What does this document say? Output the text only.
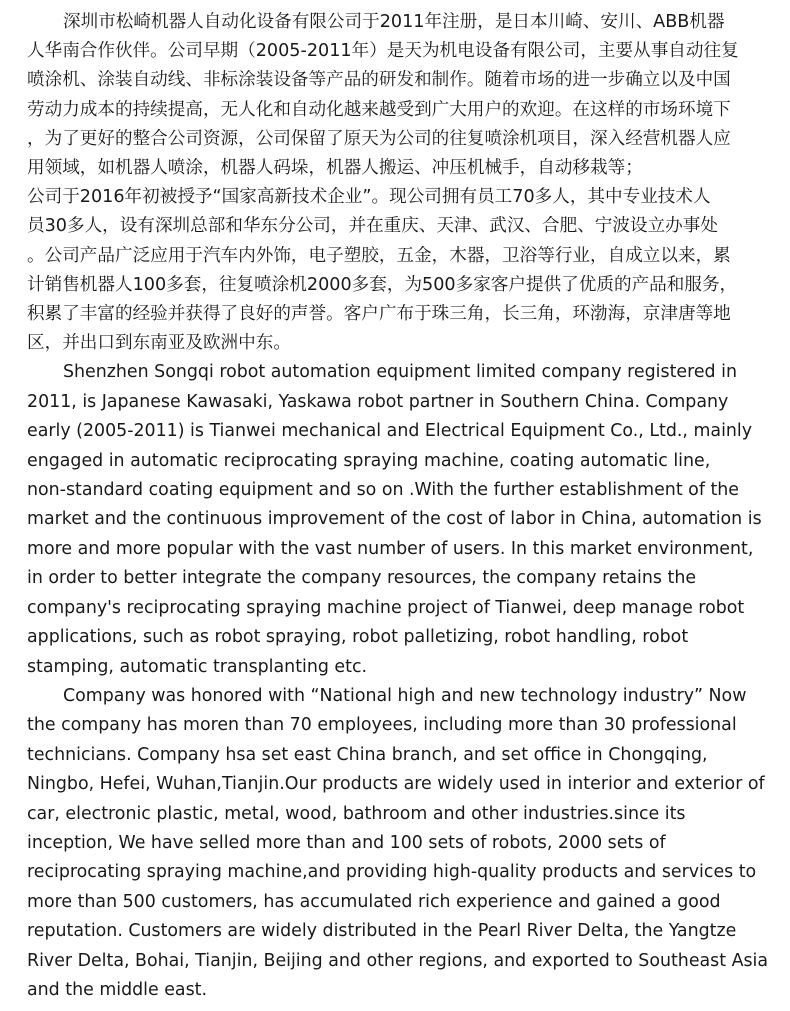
深圳市松崎机器人自动化设备有限公司于2011年注册，是日本川崎、安川、ABB机器
人华南合作伙伴。公司早期（2005-2011年）是天为机电设备有限公司，主要从事自动往复
喷涂机、涂装自动线、非标涂装设备等产品的研发和制作。随着市场的进一步确立以及中国
劳动力成本的持续提高，无人化和自动化越来越受到广大用户的欢迎。在这样的市场环境下
，为了更好的整合公司资源，公司保留了原天为公司的往复喷涂机项目，深入经营机器人应
用领域，如机器人喷涂，机器人码垛，机器人搬运、冲压机械手，自动移栽等；
公司于2016年初被授予“国家高新技术企业”。现公司拥有员工70多人，其中专业技术人
员30多人，设有深圳总部和华东分公司，并在重庆、天津、武汉、合肥、宁波设立办事处
。公司产品广泛应用于汽车内外饰，电子塑胶，五金，木器，卫浴等行业，自成立以来，累
计销售机器人100多套，往复喷涂机2000多套，为500多家客户提供了优质的产品和服务，
积累了丰富的经验并获得了良好的声誉。客户广布于珠三角，长三角，环渤海，京津唐等地
区，并出口到东南亚及欧洲中东。
Shenzhen Songqi robot automation equipment limited company registered in
2011, is Japanese Kawasaki, Yaskawa robot partner in Southern China. Company
early (2005-2011) is Tianwei mechanical and Electrical Equipment Co., Ltd., mainly
engaged in automatic reciprocating spraying machine, coating automatic line,
non-standard coating equipment and so on .With the further establishment of the
market and the continuous improvement of the cost of labor in China, automation is
more and more popular with the vast number of users. In this market environment,
in order to better integrate the company resources, the company retains the
company's reciprocating spraying machine project of Tianwei, deep manage robot
applications, such as robot spraying, robot palletizing, robot handling, robot
stamping, automatic transplanting etc.
Company was honored with “National high and new technology industry” Now
the company has moren than 70 employees, including more than 30 professional
technicians. Company hsa set east China branch, and set office in Chongqing,
Ningbo, Hefei, Wuhan,Tianjin.Our products are widely used in interior and exterior of
car, electronic plastic, metal, wood, bathroom and other industries.since its
inception, We have selled more than and 100 sets of robots, 2000 sets of
reciprocating spraying machine,and providing high-quality products and services to
more than 500 customers, has accumulated rich experience and gained a good
reputation. Customers are widely distributed in the Pearl River Delta, the Yangtze
River Delta, Bohai, Tianjin, Beijing and other regions, and exported to Southeast Asia
and the middle east.
